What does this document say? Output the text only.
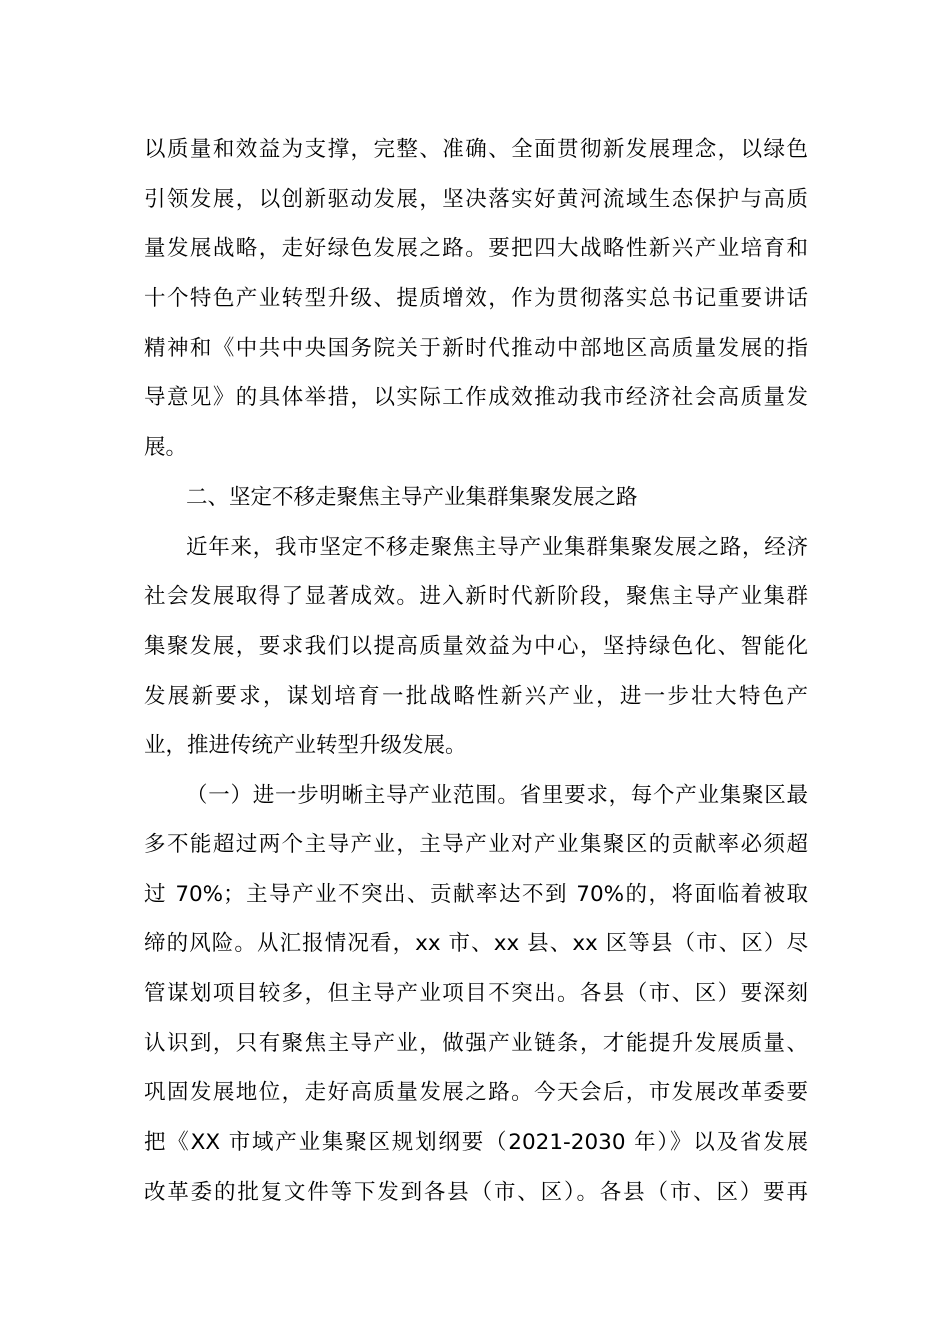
以质量和效益为支撑，完整、准确、全面贯彻新发展理念，以绿色
引领发展，以创新驱动发展，坚决落实好黄河流域生态保护与高质
量发展战略，走好绿色发展之路。要把四大战略性新兴产业培育和
十个特色产业转型升级、提质增效，作为贯彻落实总书记重要讲话
精神和《中共中央国务院关于新时代推动中部地区高质量发展的指
导意见》的具体举措，以实际工作成效推动我市经济社会高质量发
展。
二、坚定不移走聚焦主导产业集群集聚发展之路
近年来，我市坚定不移走聚焦主导产业集群集聚发展之路，经济
社会发展取得了显著成效。进入新时代新阶段，聚焦主导产业集群
集聚发展，要求我们以提高质量效益为中心，坚持绿色化、智能化
发展新要求，谋划培育一批战略性新兴产业，进一步壮大特色产
业，推进传统产业转型升级发展。
（一）进一步明晰主导产业范围。省里要求，每个产业集聚区最
多不能超过两个主导产业，主导产业对产业集聚区的贡献率必须超
过 70%；主导产业不突出、贡献率达不到 70%的，将面临着被取
缔的风险。从汇报情况看，xx 市、xx 县、xx 区等县（市、区）尽
管谋划项目较多，但主导产业项目不突出。各县（市、区）要深刻
认识到，只有聚焦主导产业，做强产业链条，才能提升发展质量、
巩固发展地位，走好高质量发展之路。今天会后，市发展改革委要
把《XX 市域产业集聚区规划纲要（2021-2030 年）》以及省发展
改革委的批复文件等下发到各县（市、区）。各县（市、区）要再
